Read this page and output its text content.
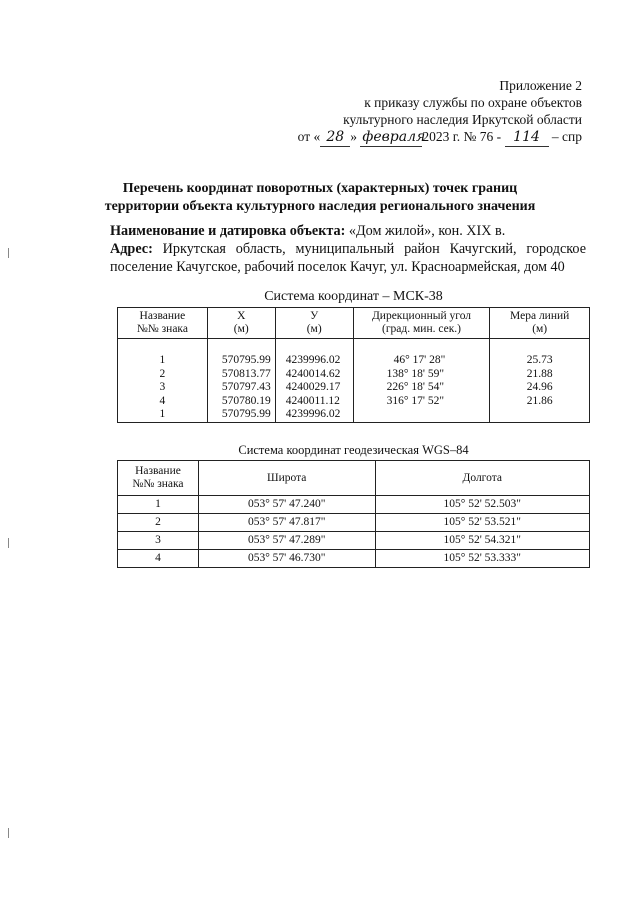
Приложение 2
к приказу службы по охране объектов
культурного наследия Иркутской области
от « 28 » февраля2023 г. № 76 - 114 – спр
Перечень координат поворотных (характерных) точек границ
территории объекта культурного наследия регионального значения
Наименование и датировка объекта: «Дом жилой», кон. XIX в.
Адрес: Иркутская область, муниципальный район Качугский, городское поселение Качугское, рабочий поселок Качуг, ул. Красноармейская, дом 40
Система координат – МСК-38
Название
№№ знака	X
(м)	У
(м)	Дирекционный угол
(град. мин. сек.)	Мера линий
(м)

1	570795.99	4239996.02	46° 17' 28"	25.73
2	570813.77	4240014.62	138° 18' 59"	21.88
3	570797.43	4240029.17	226° 18' 54"	24.96
4	570780.19	4240011.12	316° 17' 52"	21.86
1	570795.99	4239996.02		
Система координат геодезическая WGS–84
Название
№№ знака	Широта	Долгота
1	053° 57' 47.240"	105° 52' 52.503"
2	053° 57' 47.817"	105° 52' 53.521"
3	053° 57' 47.289"	105° 52' 54.321"
4	053° 57' 46.730"	105° 52' 53.333"
